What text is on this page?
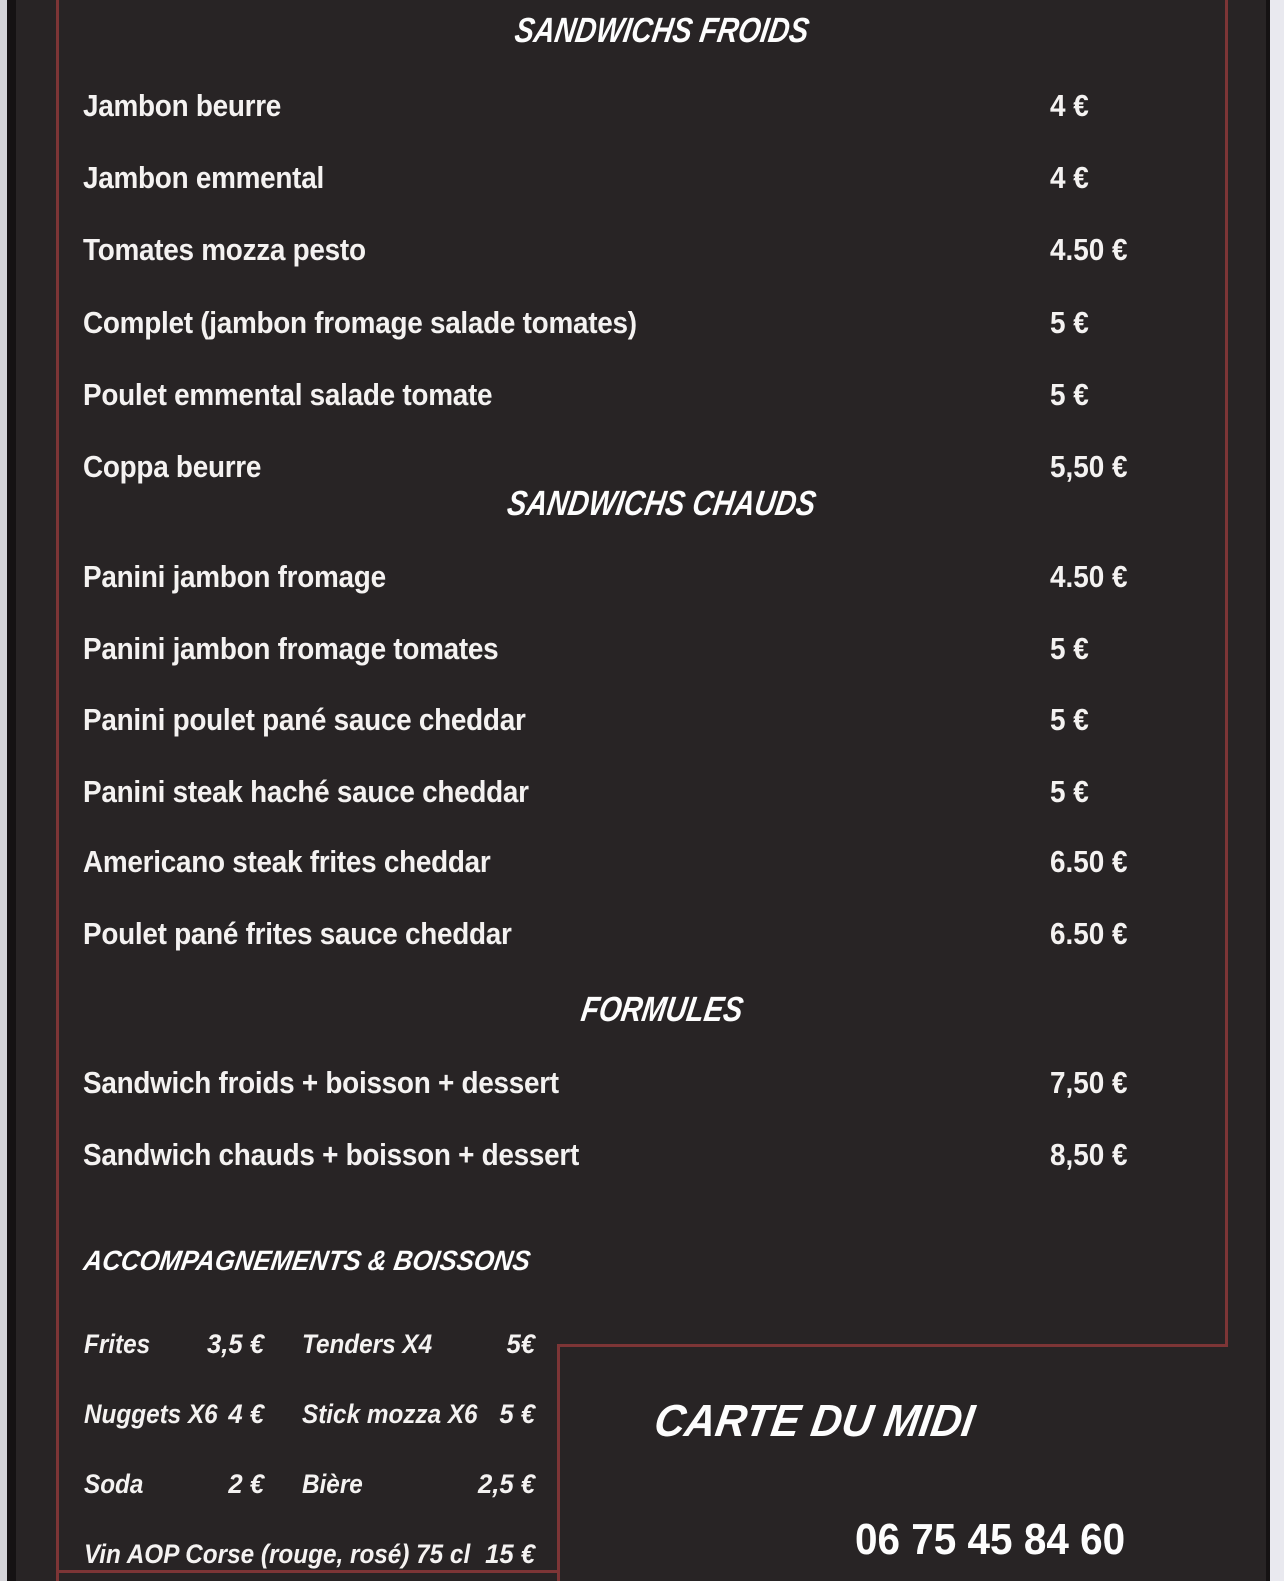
SANDWICHS FROIDS
Jambon beurre	4 €
Jambon emmental	4 €
Tomates mozza pesto	4.50 €
Complet (jambon fromage salade tomates)	5 €
Poulet emmental salade tomate	5 €
Coppa beurre	5,50 €
SANDWICHS CHAUDS
Panini jambon fromage	4.50 €
Panini jambon fromage tomates	5 €
Panini poulet pané sauce cheddar	5 €
Panini steak haché sauce cheddar	5 €
Americano steak frites cheddar	6.50 €
Poulet pané frites sauce cheddar	6.50 €
FORMULES
Sandwich froids + boisson + dessert	7,50 €
Sandwich chauds + boisson + dessert	8,50 €
ACCOMPAGNEMENTS & BOISSONS
Frites	3,5 € Tenders X4	5€
Nuggets X6 4 € Stick mozza X6 5 €
Soda	2 € Bière	2,5 €
Vin AOP Corse (rouge, rosé) 75 cl 15 €
CARTE DU MIDI
06 75 45 84 60
